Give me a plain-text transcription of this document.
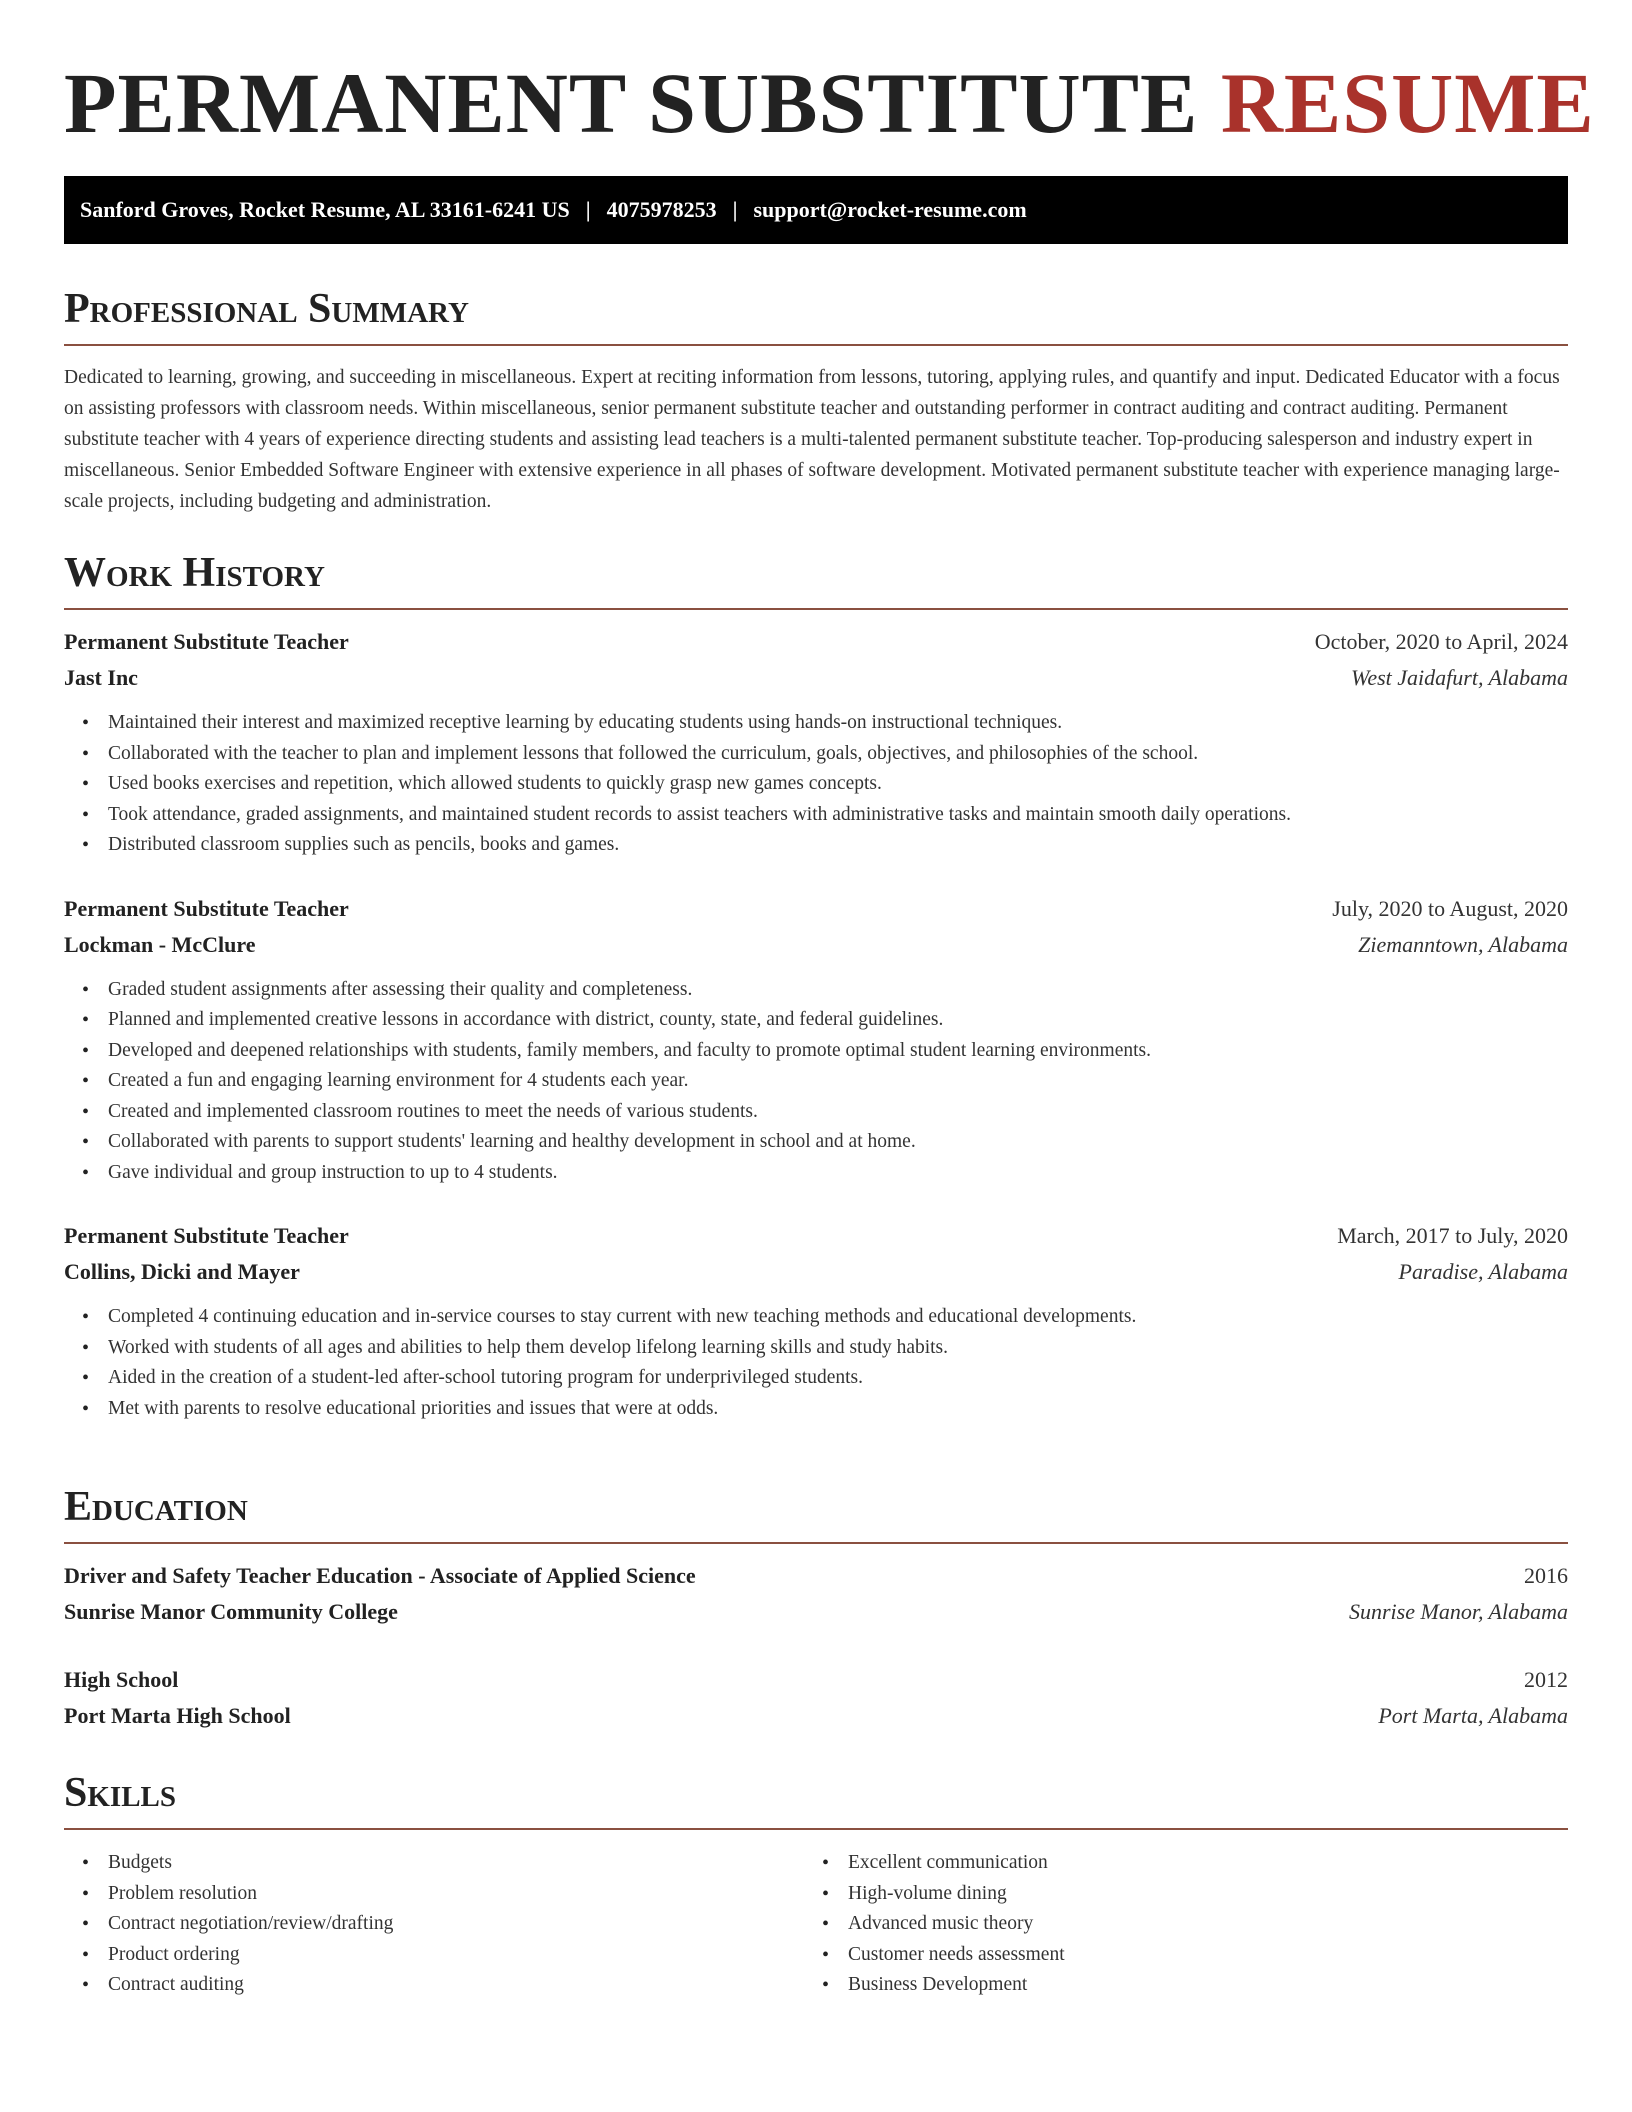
PERMANENT SUBSTITUTE RESUME
Sanford Groves, Rocket Resume, AL 33161-6241 US | 4075978253 | support@rocket-resume.com
Professional Summary

Dedicated to learning, growing, and succeeding in miscellaneous. Expert at reciting information from lessons, tutoring, applying rules, and quantify and input. Dedicated Educator with a focus on assisting professors with classroom needs. Within miscellaneous, senior permanent substitute teacher and outstanding performer in contract auditing and contract auditing. Permanent substitute teacher with 4 years of experience directing students and assisting lead teachers is a multi-talented permanent substitute teacher. Top-producing salesperson and industry expert in miscellaneous. Senior Embedded Software Engineer with extensive experience in all phases of software development. Motivated permanent substitute teacher with experience managing large-scale projects, including budgeting and administration.

Work History
Permanent Substitute Teacher	October, 2020 to April, 2024
Jast Inc	West Jaidafurt, Alabama
• Maintained their interest and maximized receptive learning by educating students using hands-on instructional techniques.
• Collaborated with the teacher to plan and implement lessons that followed the curriculum, goals, objectives, and philosophies of the school.
• Used books exercises and repetition, which allowed students to quickly grasp new games concepts.
• Took attendance, graded assignments, and maintained student records to assist teachers with administrative tasks and maintain smooth daily operations.
• Distributed classroom supplies such as pencils, books and games.
Permanent Substitute Teacher	July, 2020 to August, 2020
Lockman - McClure	Ziemanntown, Alabama
• Graded student assignments after assessing their quality and completeness.
• Planned and implemented creative lessons in accordance with district, county, state, and federal guidelines.
• Developed and deepened relationships with students, family members, and faculty to promote optimal student learning environments.
• Created a fun and engaging learning environment for 4 students each year.
• Created and implemented classroom routines to meet the needs of various students.
• Collaborated with parents to support students' learning and healthy development in school and at home.
• Gave individual and group instruction to up to 4 students.
Permanent Substitute Teacher	March, 2017 to July, 2020
Collins, Dicki and Mayer	Paradise, Alabama
• Completed 4 continuing education and in-service courses to stay current with new teaching methods and educational developments.
• Worked with students of all ages and abilities to help them develop lifelong learning skills and study habits.
• Aided in the creation of a student-led after-school tutoring program for underprivileged students.
• Met with parents to resolve educational priorities and issues that were at odds.
Education
Driver and Safety Teacher Education - Associate of Applied Science	2016
Sunrise Manor Community College	Sunrise Manor, Alabama
High School	2012
Port Marta High School	Port Marta, Alabama
Skills
• Budgets
• Problem resolution
• Contract negotiation/review/drafting
• Product ordering
• Contract auditing
• Excellent communication
• High-volume dining
• Advanced music theory
• Customer needs assessment
• Business Development
